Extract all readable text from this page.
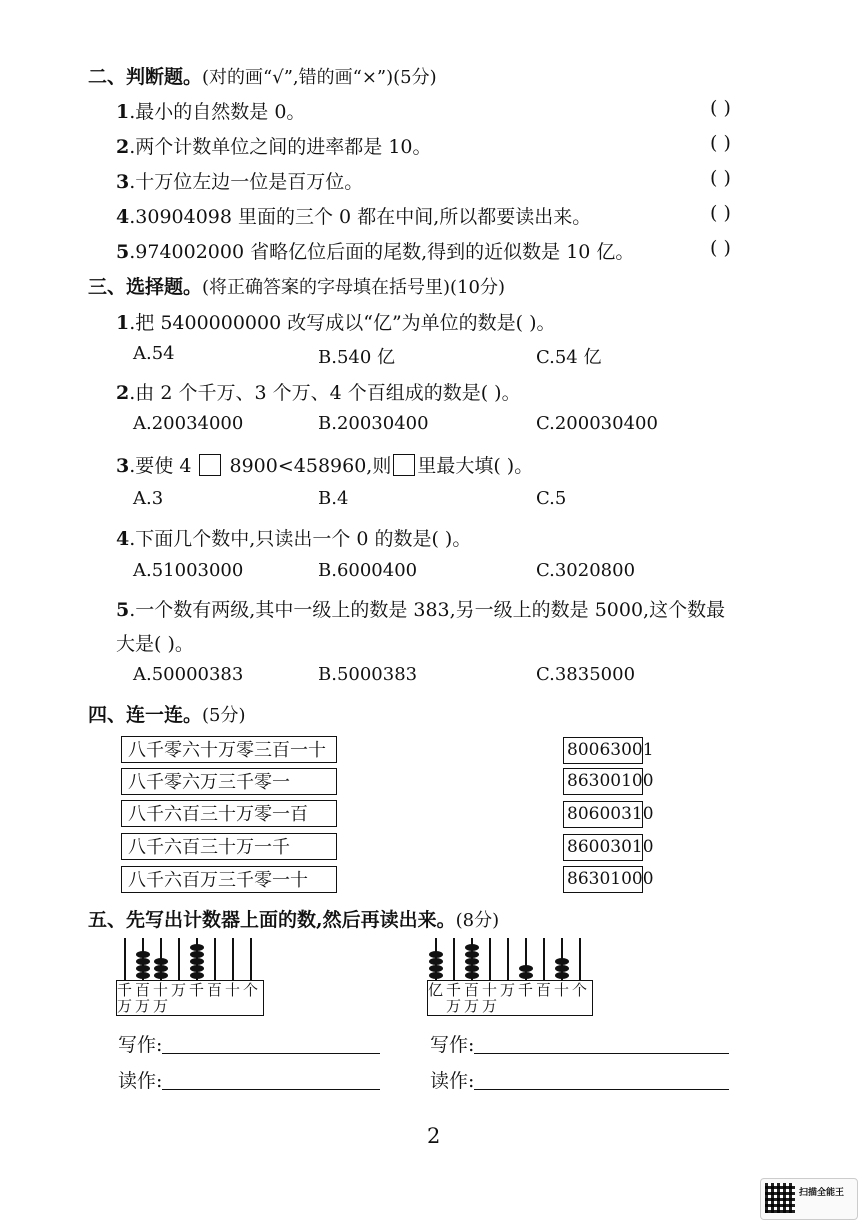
二、判断题。(对的画“√”,错的画“×”)(5分)
1.最小的自然数是 0。	( )
2.两个计数单位之间的进率都是 10。	( )
3.十万位左边一位是百万位。	( )
4.30904098 里面的三个 0 都在中间,所以都要读出来。	( )
5.974002000 省略亿位后面的尾数,得到的近似数是 10 亿。	( )
三、选择题。(将正确答案的字母填在括号里)(10分)
1.把 5400000000 改写成以“亿”为单位的数是( )。
A.54	B.540 亿	C.54 亿
2.由 2 个千万、3 个万、4 个百组成的数是( )。
A.20034000	B.20030400	C.200030400
3.要使 4 8900<458960,则 里最大填( )。
A.3	B.4	C.5
4.下面几个数中,只读出一个 0 的数是( )。
A.51003000	B.6000400	C.3020800
5.一个数有两级,其中一级上的数是 383,另一级上的数是 5000,这个数最
大是( )。
A.50000383	B.5000383	C.3835000
四、连一连。(5分)
八千零六十万零三百一十
八千零六万三千零一
八千六百三十万零一百
八千六百三十万一千
八千六百万三千零一十
80063001
86300100
80600310
86003010
86301000
五、先写出计数器上面的数,然后再读出来。(8分)
千 百 十 万 千 百 十 个
万 万 万
亿 千 百 十 万 千 百 十 个
万 万 万
写作:
读作:
写作:
读作:
2
扫描全能王
